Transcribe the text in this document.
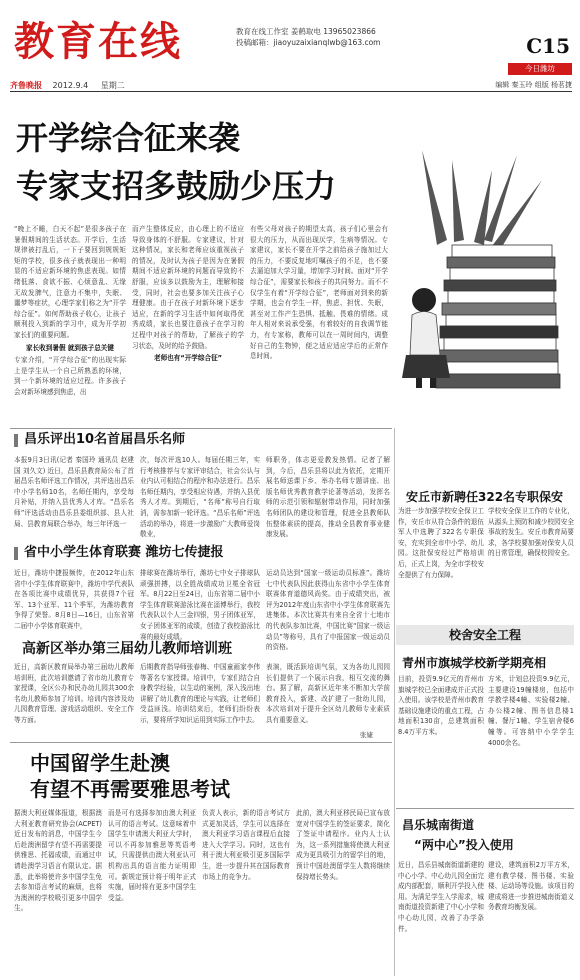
教育在线	教育在线工作室 姜鹤取电 13965023866
投稿邮箱：jiaoyuzaixianqlwb@163.com	C15
今日潍坊
齐鲁晚报 2012.9.4 星期二	编辑 秦玉玲 组版 杨茗捷
开学综合征来袭
专家支招多鼓励少压力
“晚上不睡，白天不起”是很多孩子在暑假期间的生活状态。开学后，生活规律被打乱后，一下子要回到规规矩矩的学校，很多孩子就表现出一种明显的不适应新环境的焦虑表现。如情绪低落、食欲不振、心烦意乱、无缘无故发脾气，注意力不集中，失眠、噩梦等症状，心理学家们称之为“开学综合征”。如何帮助孩子收心，让孩子顺利投入到新的学习中，成为开学初家长们的重要问题。
家长收到暑假 就到孩子总关键
专家介绍，“开学综合征”的出现实际上是学生从一个自己所熟悉的环境，到一个新环境的适应过程。许多孩子会对新环境感到焦虑，出
而产生整体反应，由心理上的不适应导致身体的不舒服。专家建议，针对这种情况，家长和老师应该重视孩子的情况，及时认为孩子是因为在暑假期间不适应新环境的问题而导致的不舒服，应该多以鼓励为主，理解和接受，同时，社会也要多加关注孩子心理健康。由于在孩子对新环境下逐步适应，在新的学习生活中如何取得优秀成绩，家长也要注意孩子在学习的过程中对孩子的帮助，了解孩子的学习状态，及时的给予鼓励。
老师也有“开学综合征”
有些父母对孩子的期望太高，孩子们心里会有很大的压力，从而出现厌学，生病等情况。专家建议，家长不要在开学之前给孩子施加过大的压力，不要反复地叮嘱孩子的不足，也不要去逼迫加大学习量，增加学习时间。面对“开学综合征”，需要家长和孩子的共同努力。而不不仅学生有着“开学综合征”，老师面对到来的新学期，也会有学生一样，焦虑、担忧、失眠，甚至对工作产生恐惧、抵触、畏难的情绪。成年人相对来说承受强，有着较好的自我调节能力，有专家称，教师可以在一周时间内，调整好自己的生物钟，便之适应适应学后的正常作息时间。
昌乐评出10名首届昌乐名师
本报9月3日讯(记者 秦国玲 通讯员 赵建国 刘久文) 近日，昌乐县教育局公布了首届昌乐名师评选工作情况，共评选出昌乐中小学名师10名，名师任期内，享受每月补贴，并纳入县优秀人才库。“昌乐名师”评选活动由昌乐县委组织部、县人社局、县教育局联合举办，每三年评选一
次，每次评选10人。每届任期三年，实行考核推荐与专家评审结合，社会公认与业内认可相结合的程序和办法进行。昌乐名师任期内，享受相应待遇，并纳入县优秀人才库。到期后，“名师”称号自行取消，需参加新一轮评选。“昌乐名师”评选活动的举办，将进一步激励广大教师爱岗敬业，
师职务，体志更爱教发热情。记者了解到，今后，昌乐县将以此为依托，定期开展名师送课下乡、举办名师专题讲座、出版名师优秀教育教学论著等活动，发挥名师的示范引领和辐射带动作用，同时加强名师团队的建设和管理，促进全县教师队伍整体素质的提高，推动全县教育事业健康发展。
省中小学生体育联赛 潍坊七传捷报
近日，潍坊中捷报频传，在2012年山东省中小学生体育联赛中，潍坊中学代表队在各项比赛中成绩优异，共获得7个冠军、13个亚军、11个季军，为潍坊教育争得了荣誉。8月8日—16日，山东省第二届中小学体育联赛中，
排球赛在潍坊举行，潍坊七中女子排球队顽强拼搏，以全胜战绩成功卫冕全省冠军。8月22日至24日，山东省第二届中小学生体育联赛游泳比赛在淄博举行，我校代表队以个人三金四银，男子团体亚军，女子团体亚军的成绩，创造了我校游泳比赛的最好成绩。
运动员达到“国家一级运动员标准”。潍坊七中代表队因此获得山东省中小学生体育联赛体育道德风尚奖。由于成绩突出，被评为2012年度山东省中小学生体育联赛先进集体。本次比赛共有来自全省十七地市的代表队参加比赛，中国比赛“国家一级运动员”等称号，具有了申报国家一级运动员的资格。
高新区举办第三届幼儿教师培训班
近日，高新区教育局举办第三届幼儿教师培训班，此次培训邀请了省市幼儿教育专家授课，全区公办和民办幼儿园共300余名幼儿教师参加了培训。培训内容涉及幼儿园教育管理、游戏活动组织、安全工作等方面。
后期教育指导师张春梅、中国童画家李伟等著名专家授课。培训中，专家们结合自身教学经验，以生动的案例，深入浅出地讲解了幼儿教育的理论与实践，让老师们受益匪浅。培训结束后，老师们纷纷表示，要将所学知识运用到实际工作中去。
表演，既活跃培训气氛，又为各幼儿园园长们提供了一个展示自我，相互交流的舞台。据了解，高新区近年来不断加大学前教育投入，新建、改扩建了一批幼儿园，本次培训对于提升全区幼儿教师专业素质具有重要意义。
张婕
中国留学生赴澳
有望不再需要雅思考试
据澳大利亚媒体报道，根据澳大利亚教育研究协会(ACPET)近日发布的消息，中国学生今后赴澳洲留学有望不再需要提供雅思、托福成绩，而通过申请赴澳学习语言有限认定。据悉，此举将使许多中国学生免去参加语言考试的麻烦，也将为澳洲的学校吸引更多中国学生。
而是可有选择参加由澳大利亚认可的语言考试。这意味着中国学生申请澳大利亚大学时，可以不再参加雅思等英语考试，只需提供由澳大利亚认可机构出具的语言能力证明即可。新规定预计将于明年正式实施，届时将有更多中国学生受益。
负责人表示，新的语言考试方式更加灵活，学生可以选择在澳大利亚学习语言课程后直接进入大学学习。同时，这也有利于澳大利亚吸引更多国际学生，进一步提升其在国际教育市场上的竞争力。
此前，澳大利亚移民局已宣布放宽对中国学生的签证要求，简化了签证申请程序。业内人士认为，这一系列措施将使澳大利亚成为更具吸引力的留学目的地，预计中国赴澳留学生人数将继续保持增长势头。
安丘市新聘任322名专职保安
为进一步加强学校安全保卫工作，安丘市从符合条件的退伍军人中选聘了322名专职保安，充实到全市中小学、幼儿园。这批保安经过严格培训后，正式上岗，为全市学校安全提供了有力保障。
学校安全保卫工作的专业化，从源头上预防和减少校园安全事故的发生。安丘市教育局要求，各学校要加强对保安人员的日常管理，确保校园安全。
校舍安全工程
青州市旗城学校新学期亮相
目前，投资9.9亿元的青州市旗城学校已全面建成并正式投入使用。该学校是青州市教育基础设施建设的重点工程，占地面积130亩，总建筑面积8.4万平方米。
方米，计划总投资9.9亿元，主要建设19幢楼房，包括中学教学楼4幢、实验楼2幢、办公楼2幢、图书信息楼1幢、餐厅1幢、学生宿舍楼6幢等。可容纳中小学学生4000余名。
昌乐城南街道
“两中心”投入使用
近日，昌乐县城南街道新建的中心小学、中心幼儿园全面完成内部配套，顺利开学投入使用。为满足学生入学需求，城南街道投资新建了中心小学和中心幼儿园，改善了办学条件。
建设，建筑面积2万平方米，建有教学楼、图书楼、实验楼、运动场等设施。该项目的建成将进一步推进城南街道义务教育均衡发展。
